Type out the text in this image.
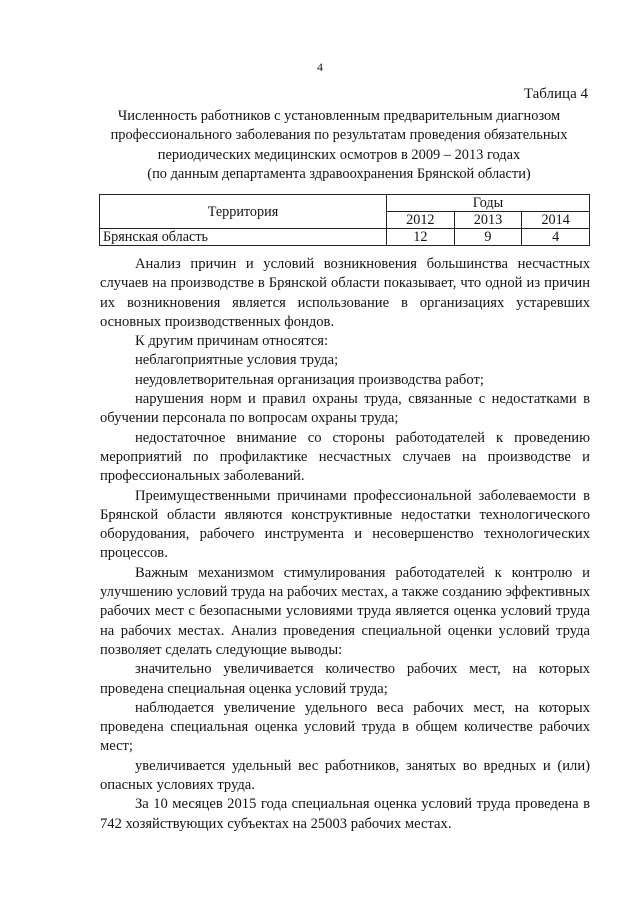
4
Таблица 4
Численность работников с установленным предварительным диагнозом
профессионального заболевания по результатам проведения обязательных
периодических медицинских осмотров в 2009 – 2013 годах
(по данным департамента здравоохранения Брянской области)
Территория	Годы		
	2012	2013	2014
Брянская область	12	9	4

Анализ причин и условий возникновения большинства несчастных случаев на производстве в Брянской области показывает, что одной из причин их возникновения является использование в организациях устаревших основных производственных фондов.

К другим причинам относятся:

неблагоприятные условия труда;

неудовлетворительная организация производства работ;

нарушения норм и правил охраны труда, связанные с недостатками в обучении персонала по вопросам охраны труда;

недостаточное внимание со стороны работодателей к проведению мероприятий по профилактике несчастных случаев на производстве и профессиональных заболеваний.

Преимущественными причинами профессиональной заболеваемости в Брянской области являются конструктивные недостатки технологического оборудования, рабочего инструмента и несовершенство технологических процессов.

Важным механизмом стимулирования работодателей к контролю и улучшению условий труда на рабочих местах, а также созданию эффективных рабочих мест с безопасными условиями труда является оценка условий труда на рабочих местах. Анализ проведения специальной оценки условий труда позволяет сделать следующие выводы:

значительно увеличивается количество рабочих мест, на которых проведена специальная оценка условий труда;

наблюдается увеличение удельного веса рабочих мест, на которых проведена специальная оценка условий труда в общем количестве рабочих мест;

увеличивается удельный вес работников, занятых во вредных и (или) опасных условиях труда.

За 10 месяцев 2015 года специальная оценка условий труда проведена в 742 хозяйствующих субъектах на 25003 рабочих местах.
